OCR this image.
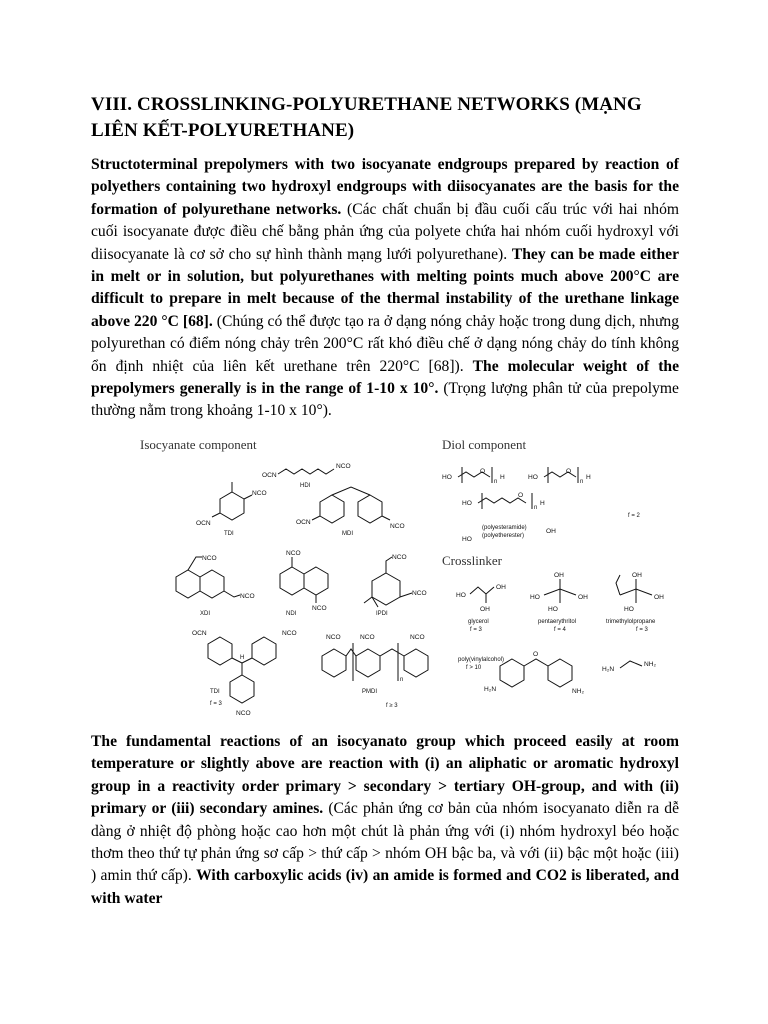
VIII. CROSSLINKING-POLYURETHANE NETWORKS (MẠNG LIÊN KẾT-POLYURETHANE)

Structoterminal prepolymers with two isocyanate endgroups prepared by reaction of polyethers containing two hydroxyl endgroups with diisocyanates are the basis for the formation of polyurethane networks. (Các chất chuẩn bị đầu cuối cấu trúc với hai nhóm cuối isocyanate được điều chế bằng phản ứng của polyete chứa hai nhóm cuối hydroxyl với diisocyanate là cơ sở cho sự hình thành mạng lưới polyurethane). They can be made either in melt or in solution, but polyurethanes with melting points much above 200°C are difficult to prepare in melt because of the thermal instability of the urethane linkage above 220 °C [68]. (Chúng có thể được tạo ra ở dạng nóng chảy hoặc trong dung dịch, nhưng polyurethan có điểm nóng chảy trên 200°C rất khó điều chế ở dạng nóng chảy do tính không ổn định nhiệt của liên kết urethane trên 220°C [68]). The molecular weight of the prepolymers generally is in the range of 1-10 x 10°. (Trọng lượng phân tử của prepolyme thường nằm trong khoảng 1-10 x 10°).

Isocyanate component	Diol component
Crosslinker
OCN
NCO
HDI
NCO
OCN
TDI
OCN
NCO
MDI
NCO
NCO
XDI
NCO
NCO
NDI
NCO
NCO
IPDI
OCN
H
NCO
NCO
TDI
f = 3
n
NCO	NCO	NCO
PMDI
f ≥ 3
HO
n
O
H	HO
n
O
H
HO
n
O
H
f = 2
(polyesteramide)
(polyetherester)
HO
OH
HO
OH
OH
glycerol
f = 3
OH
HO	OH
HO
pentaerythritol
f = 4
OH
OH
HO
trimethylolpropane
f = 3
poly(vinylalcohol)
f > 10
H₂N
O
NH₂
H₂N
NH₂

The fundamental reactions of an isocyanato group which proceed easily at room temperature or slightly above are reaction with (i) an aliphatic or aromatic hydroxyl group in a reactivity order primary > secondary > tertiary OH-group, and with (ii) primary or (iii) secondary amines. (Các phản ứng cơ bản của nhóm isocyanato diễn ra dễ dàng ở nhiệt độ phòng hoặc cao hơn một chút là phản ứng với (i) nhóm hydroxyl béo hoặc thơm theo thứ tự phản ứng sơ cấp > thứ cấp > nhóm OH bậc ba, và với (ii) bậc một hoặc (iii) ) amin thứ cấp). With carboxylic acids (iv) an amide is formed and CO2 is liberated, and with water
